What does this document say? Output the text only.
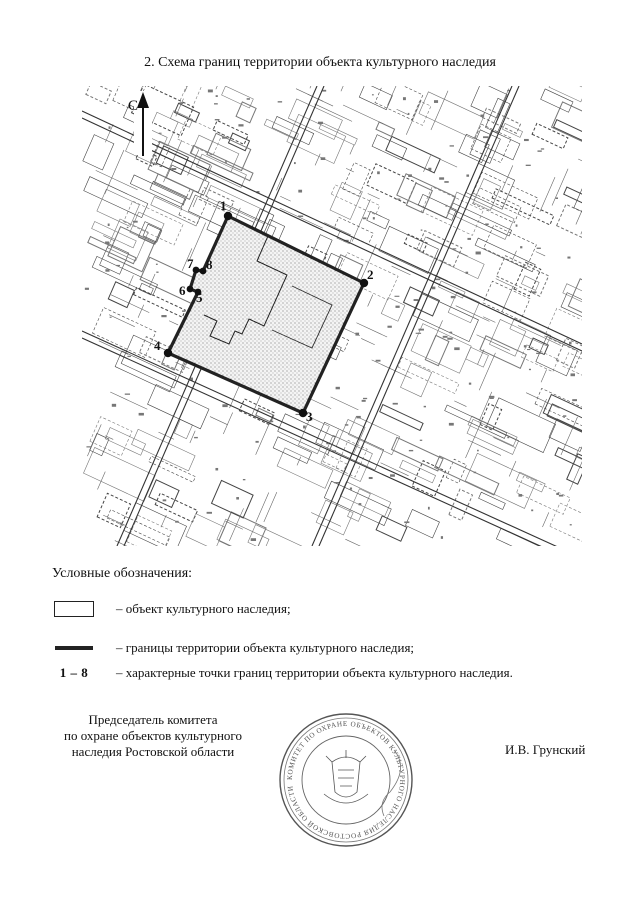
2. Схема границ территории объекта культурного наследия
С
1
2
3
4
5
6
7 8
Условные обозначения:
– объект культурного наследия;
– границы территории объекта культурного наследия;
1 – 8 – характерные точки границ территории объекта культурного наследия.
Председатель комитета
по охране объектов культурного
наследия Ростовской области
КОМИТЕТ ПО ОХРАНЕ ОБЪЕКТОВ КУЛЬТУРНОГО НАСЛЕДИЯ РОСТОВСКОЙ ОБЛАСТИ
И.В. Грунский
